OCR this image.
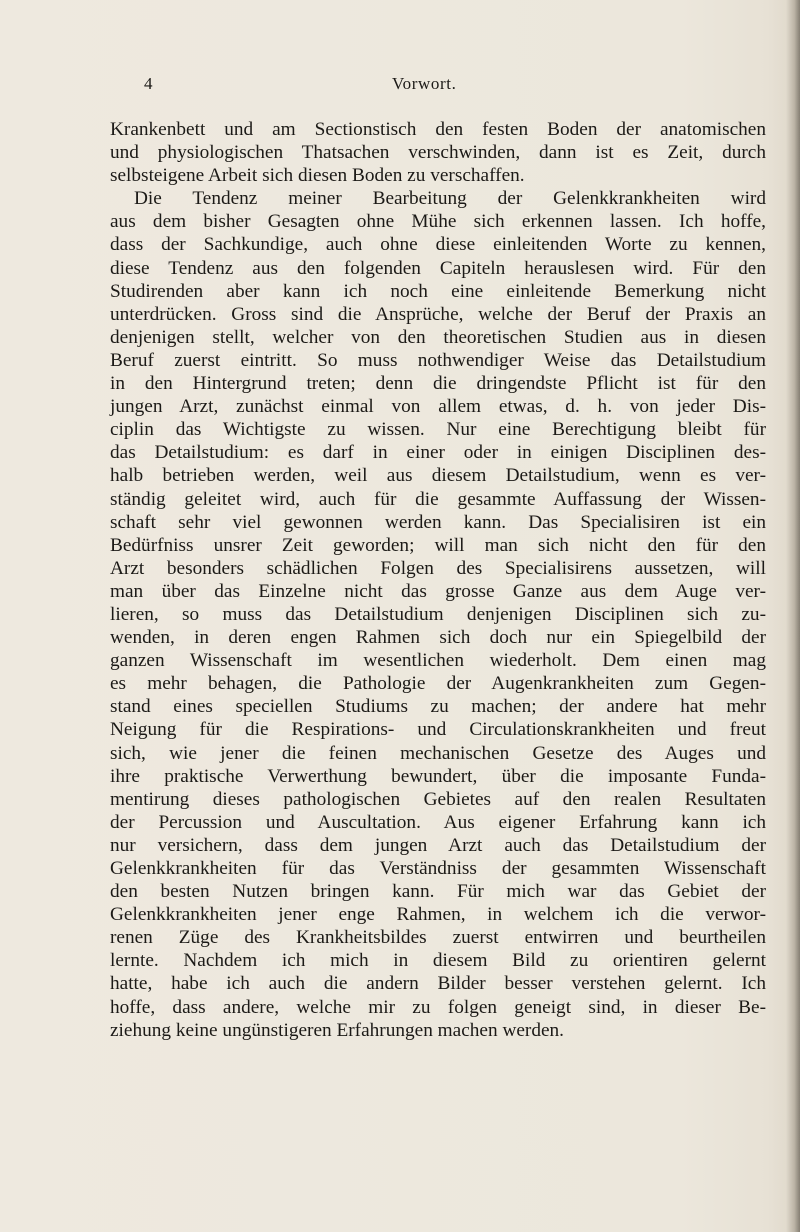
4	Vorwort.
Krankenbett und am Sectionstisch den festen Boden der anatomischen
und physiologischen Thatsachen verschwinden, dann ist es Zeit, durch
selbsteigene Arbeit sich diesen Boden zu verschaffen.
Die Tendenz meiner Bearbeitung der Gelenkkrankheiten wird
aus dem bisher Gesagten ohne Mühe sich erkennen lassen. Ich hoffe,
dass der Sachkundige, auch ohne diese einleitenden Worte zu kennen,
diese Tendenz aus den folgenden Capiteln herauslesen wird. Für den
Studirenden aber kann ich noch eine einleitende Bemerkung nicht
unterdrücken. Gross sind die Ansprüche, welche der Beruf der Praxis an
denjenigen stellt, welcher von den theoretischen Studien aus in diesen
Beruf zuerst eintritt. So muss nothwendiger Weise das Detailstudium
in den Hintergrund treten; denn die dringendste Pflicht ist für den
jungen Arzt, zunächst einmal von allem etwas, d. h. von jeder Dis-
ciplin das Wichtigste zu wissen. Nur eine Berechtigung bleibt für
das Detailstudium: es darf in einer oder in einigen Disciplinen des-
halb betrieben werden, weil aus diesem Detailstudium, wenn es ver-
ständig geleitet wird, auch für die gesammte Auffassung der Wissen-
schaft sehr viel gewonnen werden kann. Das Specialisiren ist ein
Bedürfniss unsrer Zeit geworden; will man sich nicht den für den
Arzt besonders schädlichen Folgen des Specialisirens aussetzen, will
man über das Einzelne nicht das grosse Ganze aus dem Auge ver-
lieren, so muss das Detailstudium denjenigen Disciplinen sich zu-
wenden, in deren engen Rahmen sich doch nur ein Spiegelbild der
ganzen Wissenschaft im wesentlichen wiederholt. Dem einen mag
es mehr behagen, die Pathologie der Augenkrankheiten zum Gegen-
stand eines speciellen Studiums zu machen; der andere hat mehr
Neigung für die Respirations- und Circulationskrankheiten und freut
sich, wie jener die feinen mechanischen Gesetze des Auges und
ihre praktische Verwerthung bewundert, über die imposante Funda-
mentirung dieses pathologischen Gebietes auf den realen Resultaten
der Percussion und Auscultation. Aus eigener Erfahrung kann ich
nur versichern, dass dem jungen Arzt auch das Detailstudium der
Gelenkkrankheiten für das Verständniss der gesammten Wissenschaft
den besten Nutzen bringen kann. Für mich war das Gebiet der
Gelenkkrankheiten jener enge Rahmen, in welchem ich die verwor-
renen Züge des Krankheitsbildes zuerst entwirren und beurtheilen
lernte. Nachdem ich mich in diesem Bild zu orientiren gelernt
hatte, habe ich auch die andern Bilder besser verstehen gelernt. Ich
hoffe, dass andere, welche mir zu folgen geneigt sind, in dieser Be-
ziehung keine ungünstigeren Erfahrungen machen werden.
